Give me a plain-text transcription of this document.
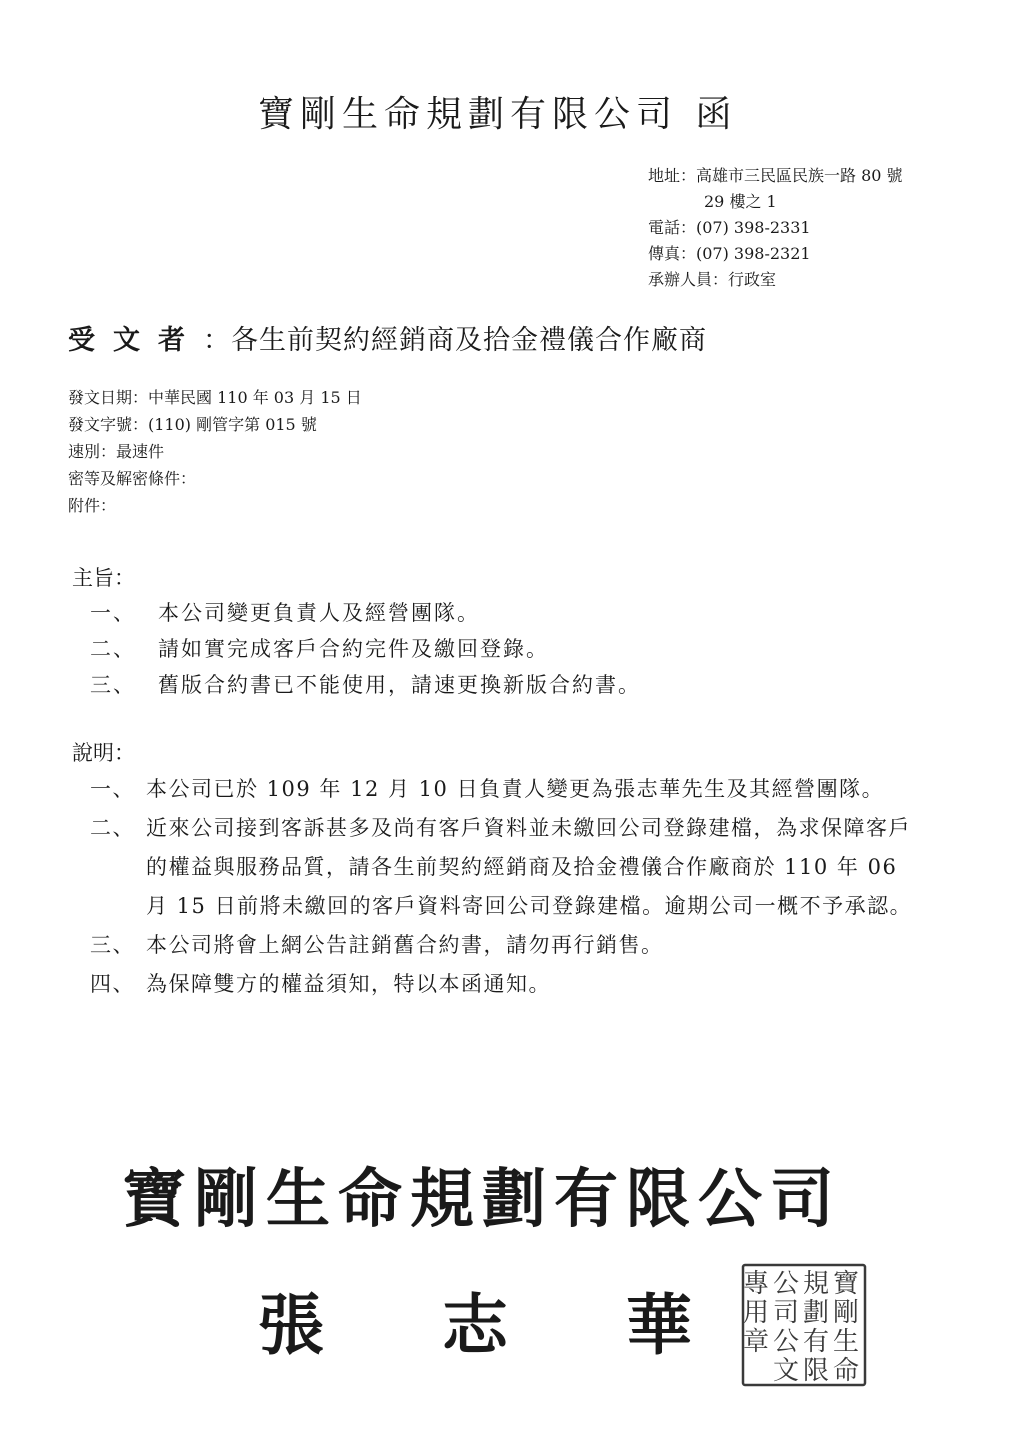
寶剛生命規劃有限公司 函
地址：高雄市三民區民族一路 80 號
29 樓之 1
電話：(07) 398-2331
傳真：(07) 398-2321
承辦人員：行政室
受文者：各生前契約經銷商及拾金禮儀合作廠商
發文日期：中華民國 110 年 03 月 15 日
發文字號：(110) 剛管字第 015 號
速別：最速件
密等及解密條件：
附件：
主旨：
一、 本公司變更負責人及經營團隊。
二、 請如實完成客戶合約完件及繳回登錄。
三、 舊版合約書已不能使用，請速更換新版合約書。
說明：
一、 本公司已於 109 年 12 月 10 日負責人變更為張志華先生及其經營團隊。
二、 近來公司接到客訴甚多及尚有客戶資料並未繳回公司登錄建檔，為求保障客戶的權益與服務品質，請各生前契約經銷商及拾金禮儀合作廠商於 110 年 06 月 15 日前將未繳回的客戶資料寄回公司登錄建檔。逾期公司一概不予承認。
三、 本公司將會上網公告註銷舊合約書，請勿再行銷售。
四、 為保障雙方的權益須知，特以本函通知。
寶剛生命規劃有限公司
張 志 華
寶
剛
生
命
規
劃
有
限
公
司
公
文
專
用
章
